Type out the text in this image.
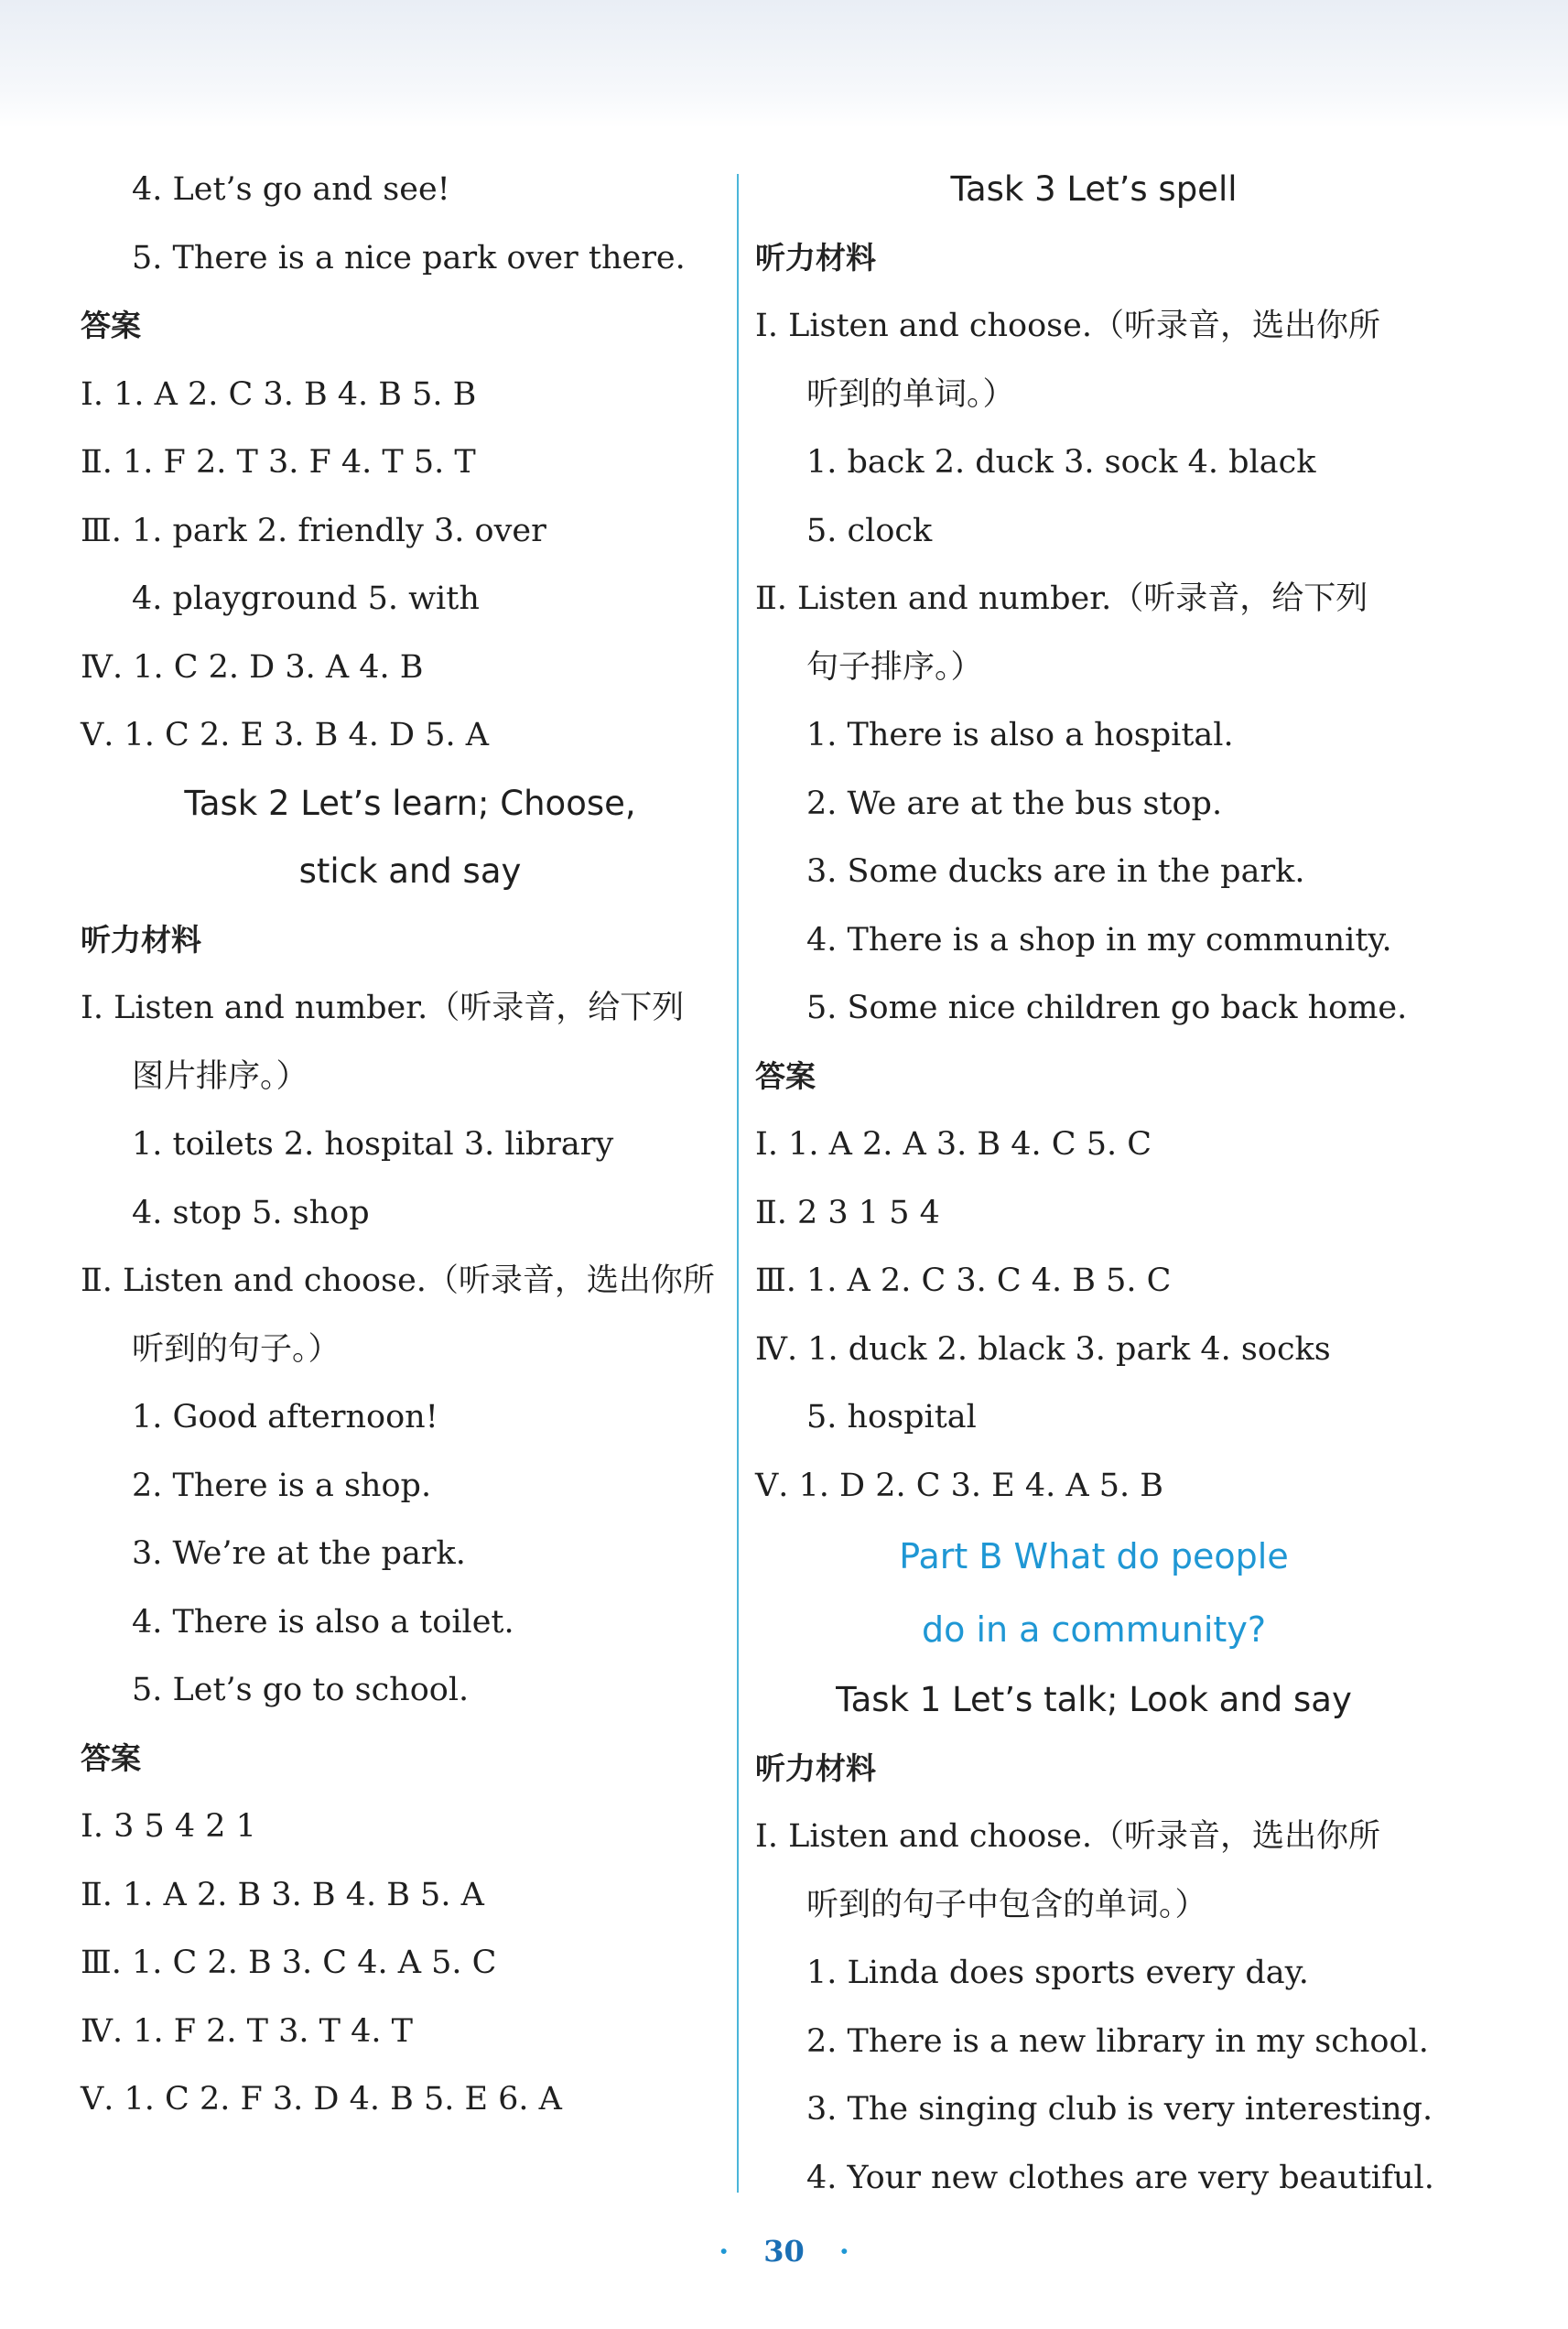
4. Let’s go and see!
5. There is a nice park over there.
答案
Ⅰ. 1. A 2. C 3. B 4. B 5. B
Ⅱ. 1. F 2. T 3. F 4. T 5. T
Ⅲ. 1. park 2. friendly 3. over
4. playground 5. with
Ⅳ. 1. C 2. D 3. A 4. B
Ⅴ. 1. C 2. E 3. B 4. D 5. A
Task 2 Let’s learn; Choose,
stick and say
听力材料
Ⅰ. Listen and number.（听录音，给下列
图片排序。）
1. toilets 2. hospital 3. library
4. stop 5. shop
Ⅱ. Listen and choose.（听录音，选出你所
听到的句子。）
1. Good afternoon!
2. There is a shop.
3. We’re at the park.
4. There is also a toilet.
5. Let’s go to school.
答案
Ⅰ. 3 5 4 2 1
Ⅱ. 1. A 2. B 3. B 4. B 5. A
Ⅲ. 1. C 2. B 3. C 4. A 5. C
Ⅳ. 1. F 2. T 3. T 4. T
Ⅴ. 1. C 2. F 3. D 4. B 5. E 6. A
Task 3 Let’s spell
听力材料
Ⅰ. Listen and choose.（听录音，选出你所
听到的单词。）
1. back 2. duck 3. sock 4. black
5. clock
Ⅱ. Listen and number.（听录音，给下列
句子排序。）
1. There is also a hospital.
2. We are at the bus stop.
3. Some ducks are in the park.
4. There is a shop in my community.
5. Some nice children go back home.
答案
Ⅰ. 1. A 2. A 3. B 4. C 5. C
Ⅱ. 2 3 1 5 4
Ⅲ. 1. A 2. C 3. C 4. B 5. C
Ⅳ. 1. duck 2. black 3. park 4. socks
5. hospital
Ⅴ. 1. D 2. C 3. E 4. A 5. B
Part B What do people
do in a community?
Task 1 Let’s talk; Look and say
听力材料
Ⅰ. Listen and choose.（听录音，选出你所
听到的句子中包含的单词。）
1. Linda does sports every day.
2. There is a new library in my school.
3. The singing club is very interesting.
4. Your new clothes are very beautiful.
· 30 ·
